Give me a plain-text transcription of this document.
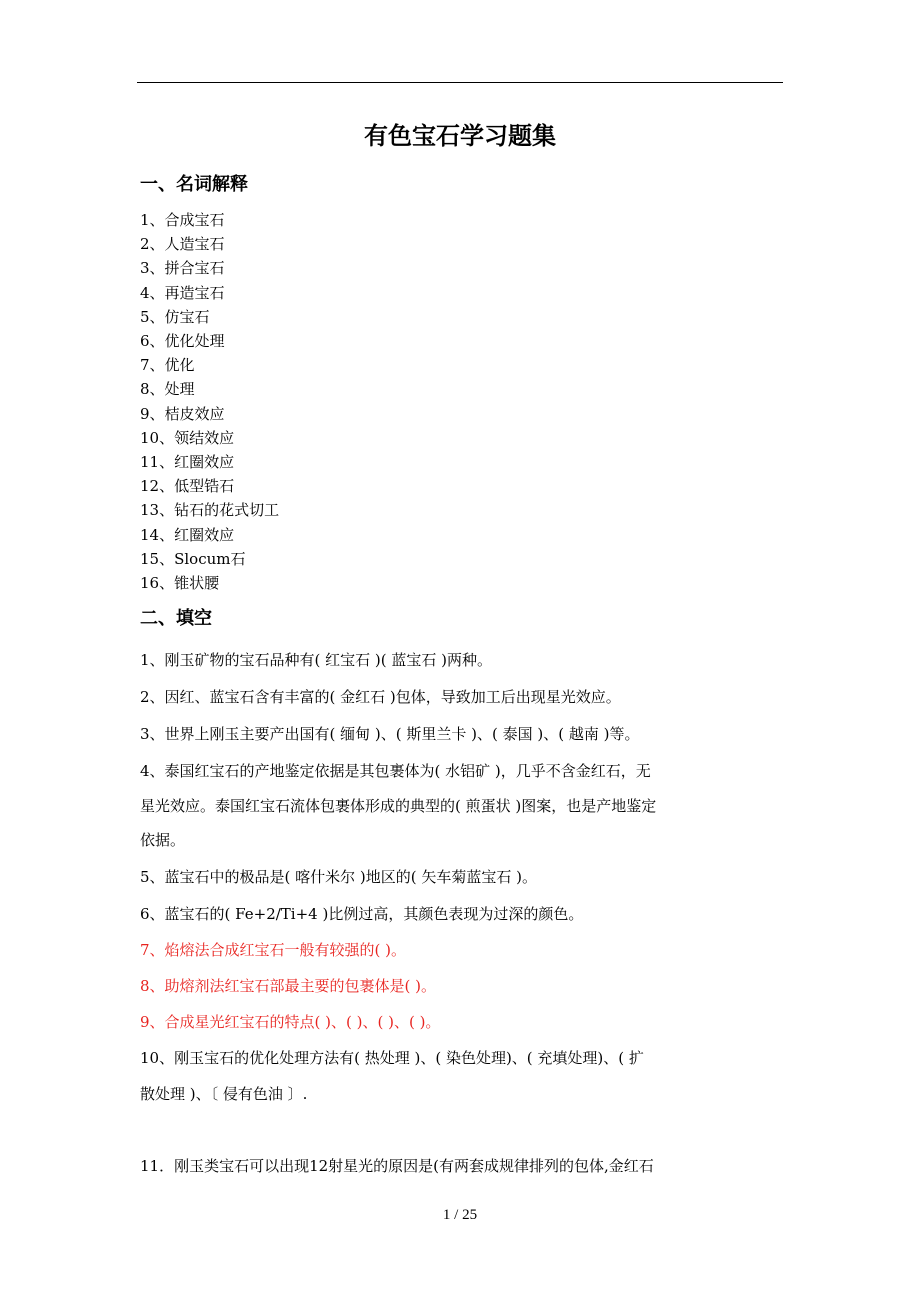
有色宝石学习题集
一、名词解释
1、合成宝石
2、人造宝石
3、拼合宝石
4、再造宝石
5、仿宝石
6、优化处理
7、优化
8、处理
9、桔皮效应
10、领结效应
11、红圈效应
12、低型锆石
13、钻石的花式切工
14、红圈效应
15、Slocum石
16、锥状腰
二、填空

1、刚玉矿物的宝石品种有( 红宝石 )( 蓝宝石 )两种。

2、因红、蓝宝石含有丰富的( 金红石 )包体，导致加工后出现星光效应。

3、世界上刚玉主要产出国有( 缅甸 )、( 斯里兰卡 )、( 泰国 )、( 越南 )等。

4、泰国红宝石的产地鉴定依据是其包裹体为( 水铝矿 )，几乎不含金红石，无

星光效应。泰国红宝石流体包裹体形成的典型的( 煎蛋状 )图案，也是产地鉴定

依据。

5、蓝宝石中的极品是( 喀什米尔 )地区的( 矢车菊蓝宝石 )。

6、蓝宝石的( Fe+2/Ti+4 )比例过高，其颜色表现为过深的颜色。

7、焰熔法合成红宝石一般有较强的( )。

8、助熔剂法红宝石部最主要的包裹体是( )。

9、合成星光红宝石的特点( )、( )、( )、( )。

10、刚玉宝石的优化处理方法有( 热处理 )、( 染色处理)、( 充填处理)、( 扩

散处理 )、〔 侵有色油 〕.

11．刚玉类宝石可以出现12射星光的原因是(有两套成规律排列的包体,金红石

1 / 25
